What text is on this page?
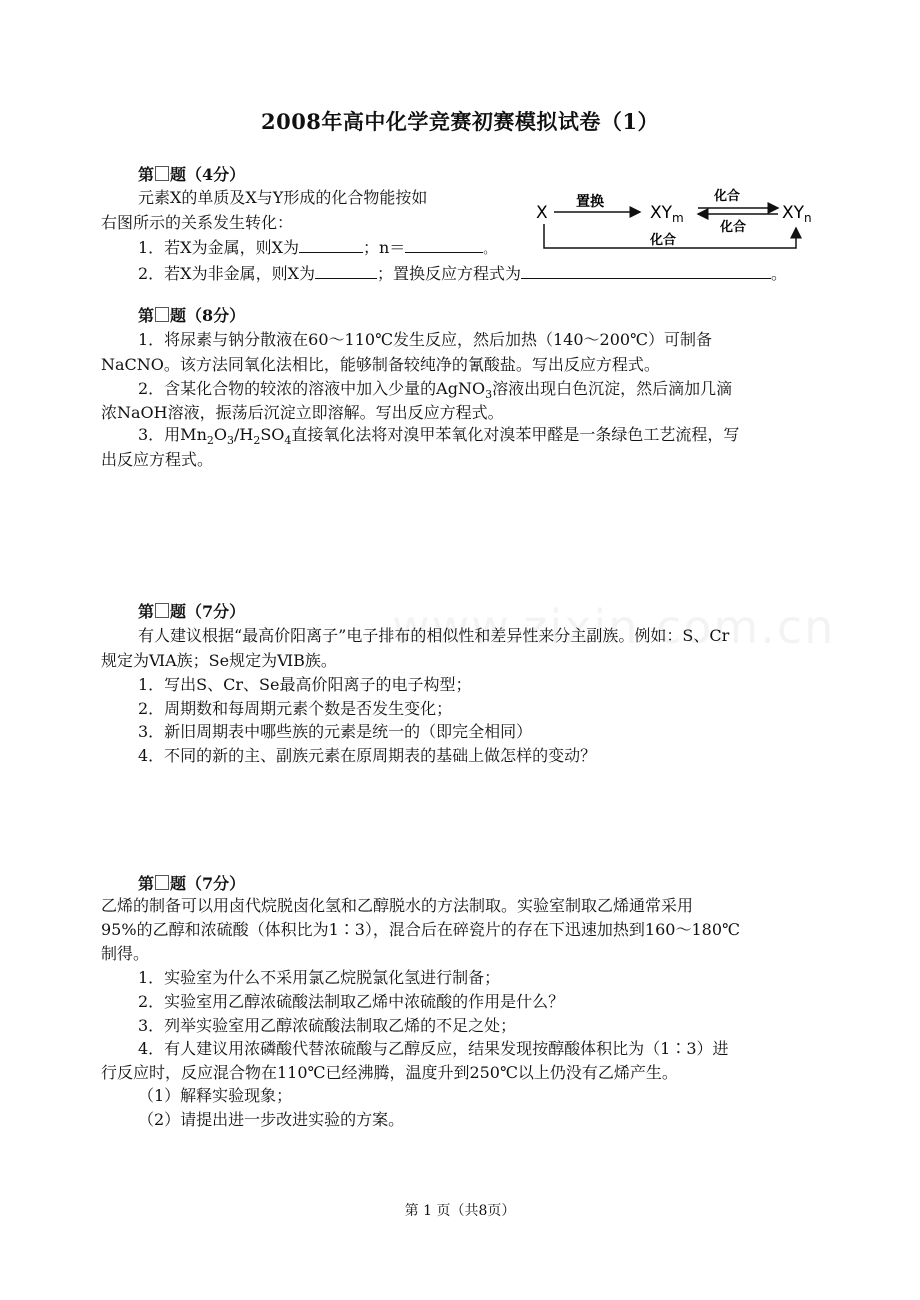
2008年高中化学竞赛初赛模拟试卷（1）
第 题（4分）
元素X的单质及X与Y形成的化合物能按如
右图所示的关系发生转化：
1．若X为金属，则X为	；n＝	。
2．若X为非金属，则X为	；置换反应方程式为	。
X
置换
$XY_m$
化合
化合
$XY_n$
化合
第 题（8分）
1．将尿素与钠分散液在60～110℃发生反应，然后加热（140～200℃）可制备
NaCNO。该方法同氧化法相比，能够制备较纯净的氰酸盐。写出反应方程式。
2．含某化合物的较浓的溶液中加入少量的AgNO$_3$溶液出现白色沉淀，然后滴加几滴
浓NaOH溶液，振荡后沉淀立即溶解。写出反应方程式。
3．用$Mn_2O_3/H_2SO_4$直接氧化法将对溴甲苯氧化对溴苯甲醛是一条绿色工艺流程，写
出反应方程式。
第 题（7分）
有人建议根据“最高价阳离子”电子排布的相似性和差异性来分主副族。例如：S、Cr
规定为ⅥA族；Se规定为ⅥB族。
1．写出S、Cr、Se最高价阳离子的电子构型；
2．周期数和每周期元素个数是否发生变化；
3．新旧周期表中哪些族的元素是统一的（即完全相同）
4．不同的新的主、副族元素在原周期表的基础上做怎样的变动？
第 题（7分）
乙烯的制备可以用卤代烷脱卤化氢和乙醇脱水的方法制取。实验室制取乙烯通常采用
95%的乙醇和浓硫酸（体积比为1∶3），混合后在碎瓷片的存在下迅速加热到160～180℃
制得。
1．实验室为什么不采用氯乙烷脱氯化氢进行制备；
2．实验室用乙醇浓硫酸法制取乙烯中浓硫酸的作用是什么？
3．列举实验室用乙醇浓硫酸法制取乙烯的不足之处；
4．有人建议用浓磷酸代替浓硫酸与乙醇反应，结果发现按醇酸体积比为（1∶3）进
行反应时，反应混合物在110℃已经沸腾，温度升到250℃以上仍没有乙烯产生。
（1）解释实验现象；
（2）请提出进一步改进实验的方案。
第 1 页（共8页）
